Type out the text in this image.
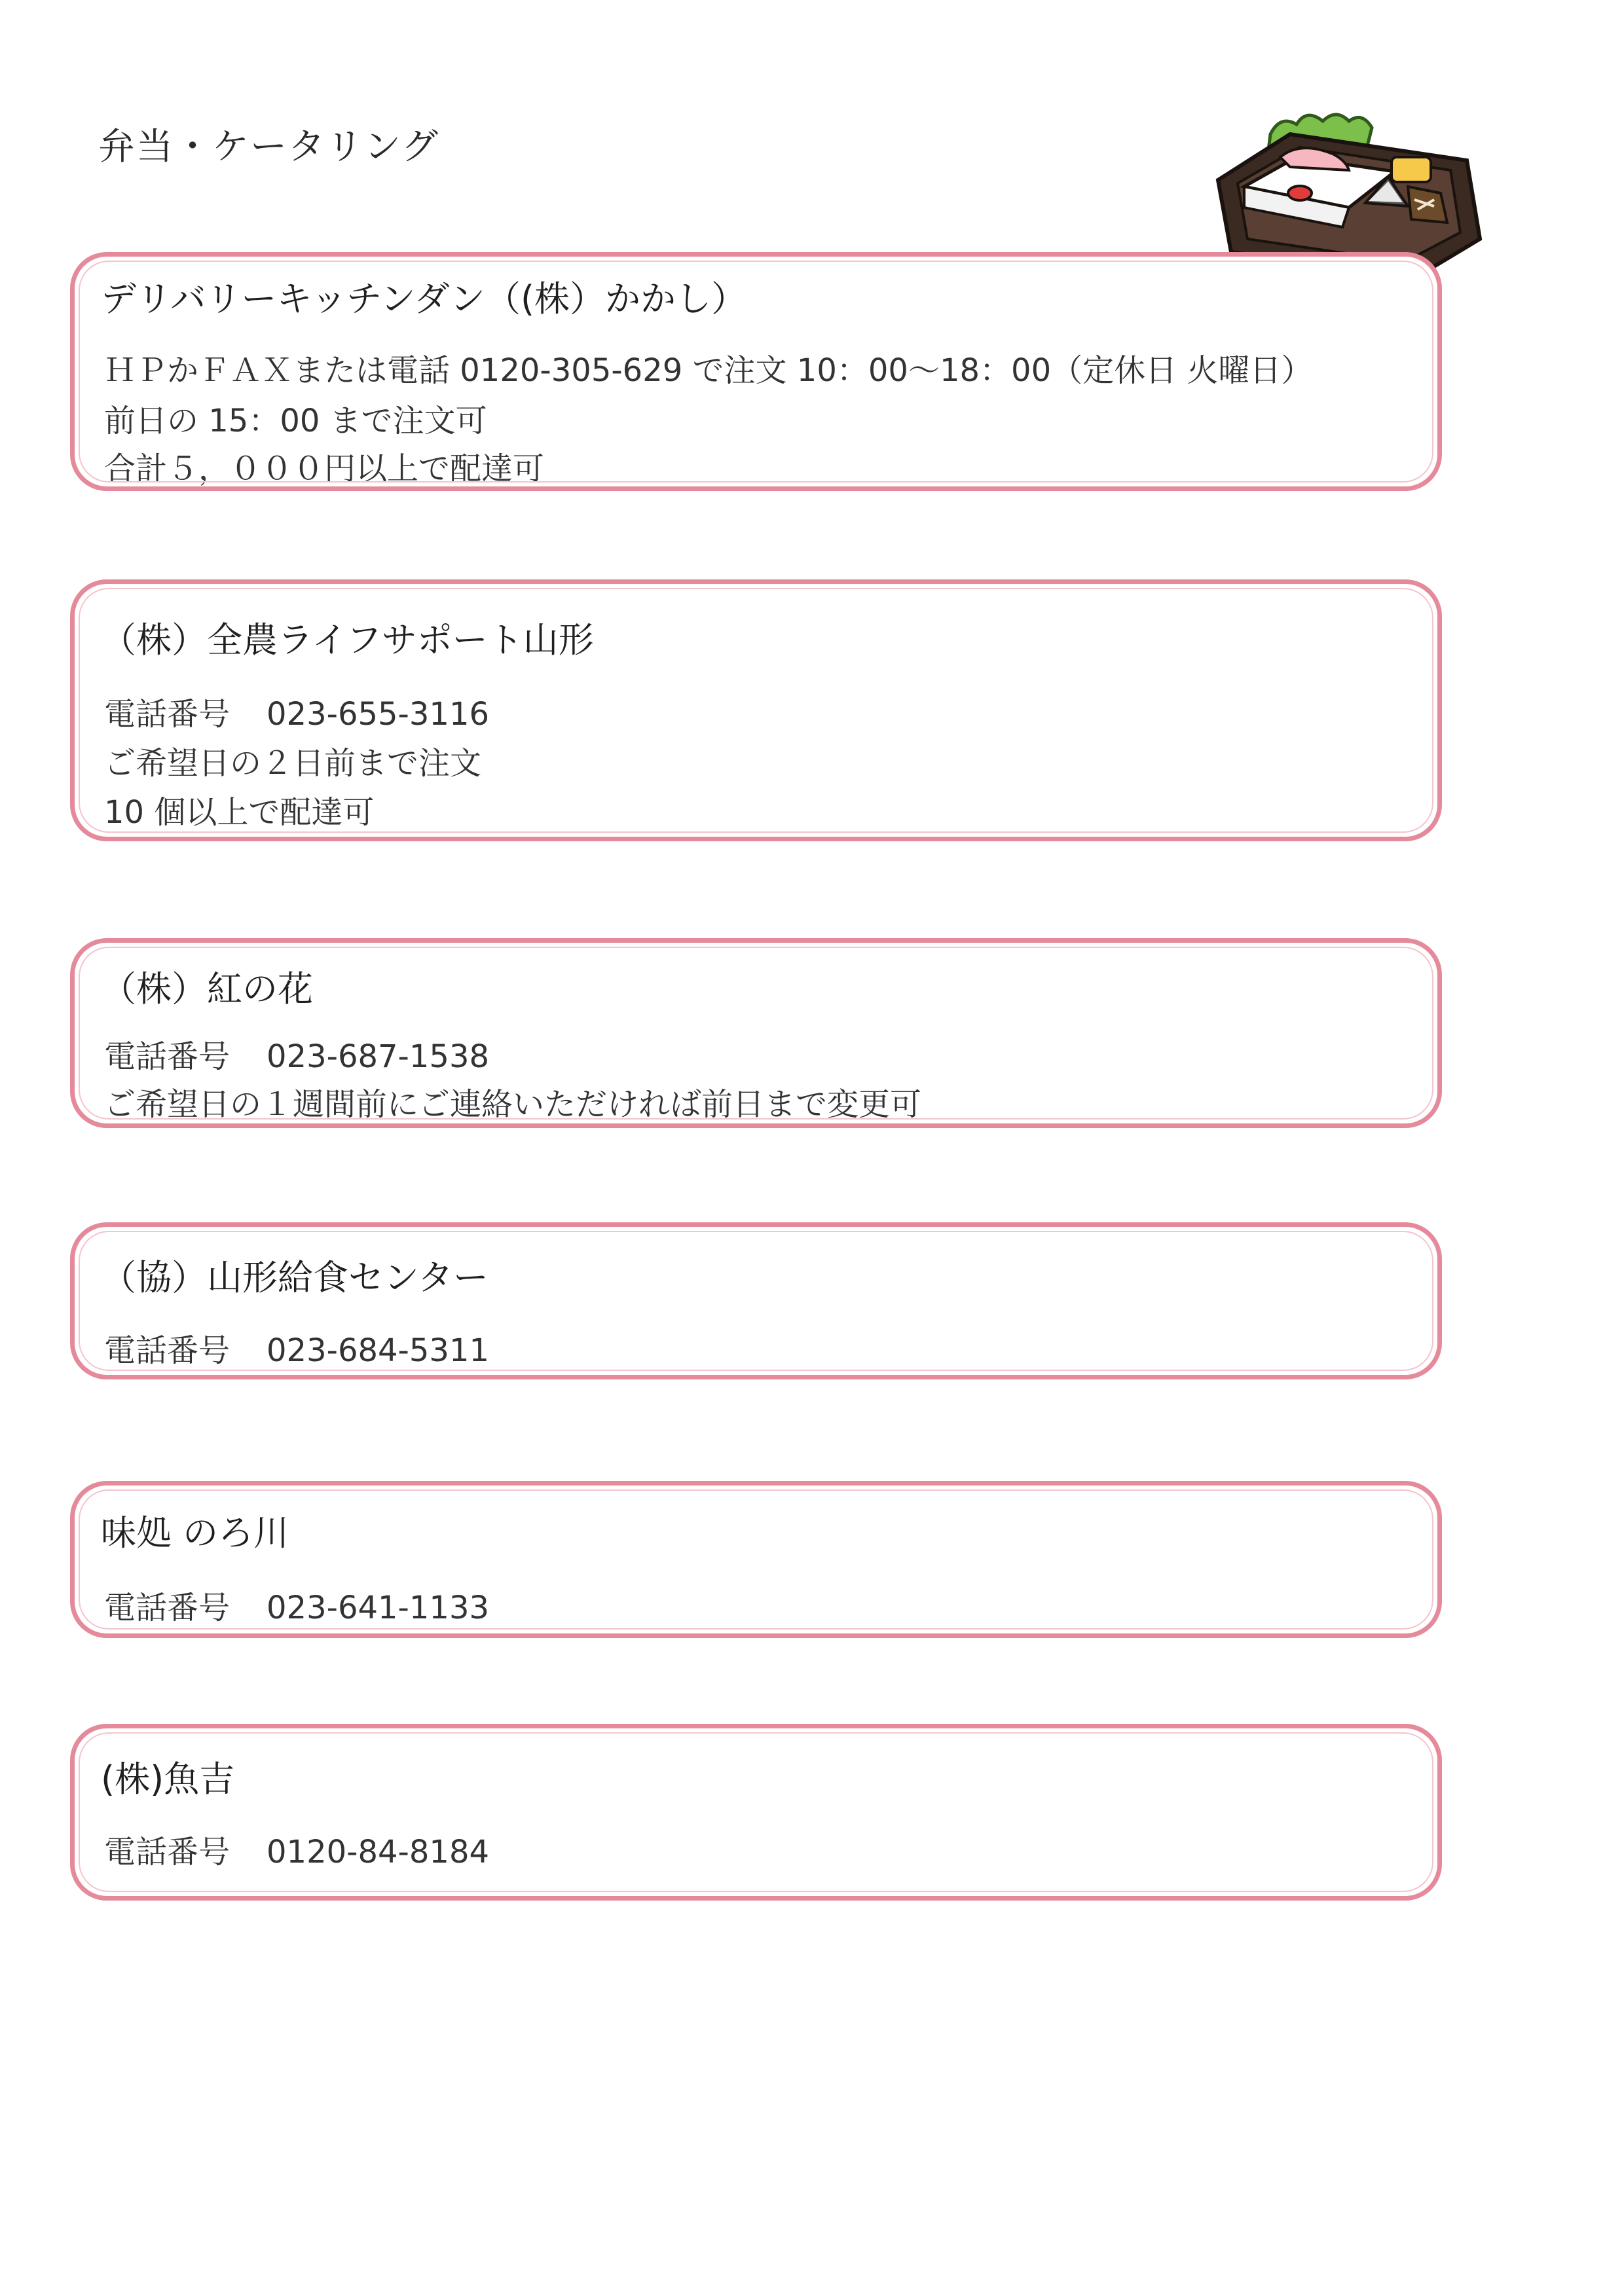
弁当・ケータリング
デリバリーキッチンダン（(株）かかし）

ＨＰかＦＡＸまたは電話 0120-305-629 で注文 10：00～18：00（定休日 火曜日）

前日の 15：00 まで注文可

合計５，０００円以上で配達可

（株）全農ライフサポート山形

電話番号 023-655-3116

ご希望日の２日前まで注文

10 個以上で配達可

（株）紅の花

電話番号 023-687-1538

ご希望日の１週間前にご連絡いただければ前日まで変更可

（協）山形給食センター

電話番号 023-684-5311

味処 のろ川

電話番号 023-641-1133

(株)魚吉

電話番号 0120-84-8184
